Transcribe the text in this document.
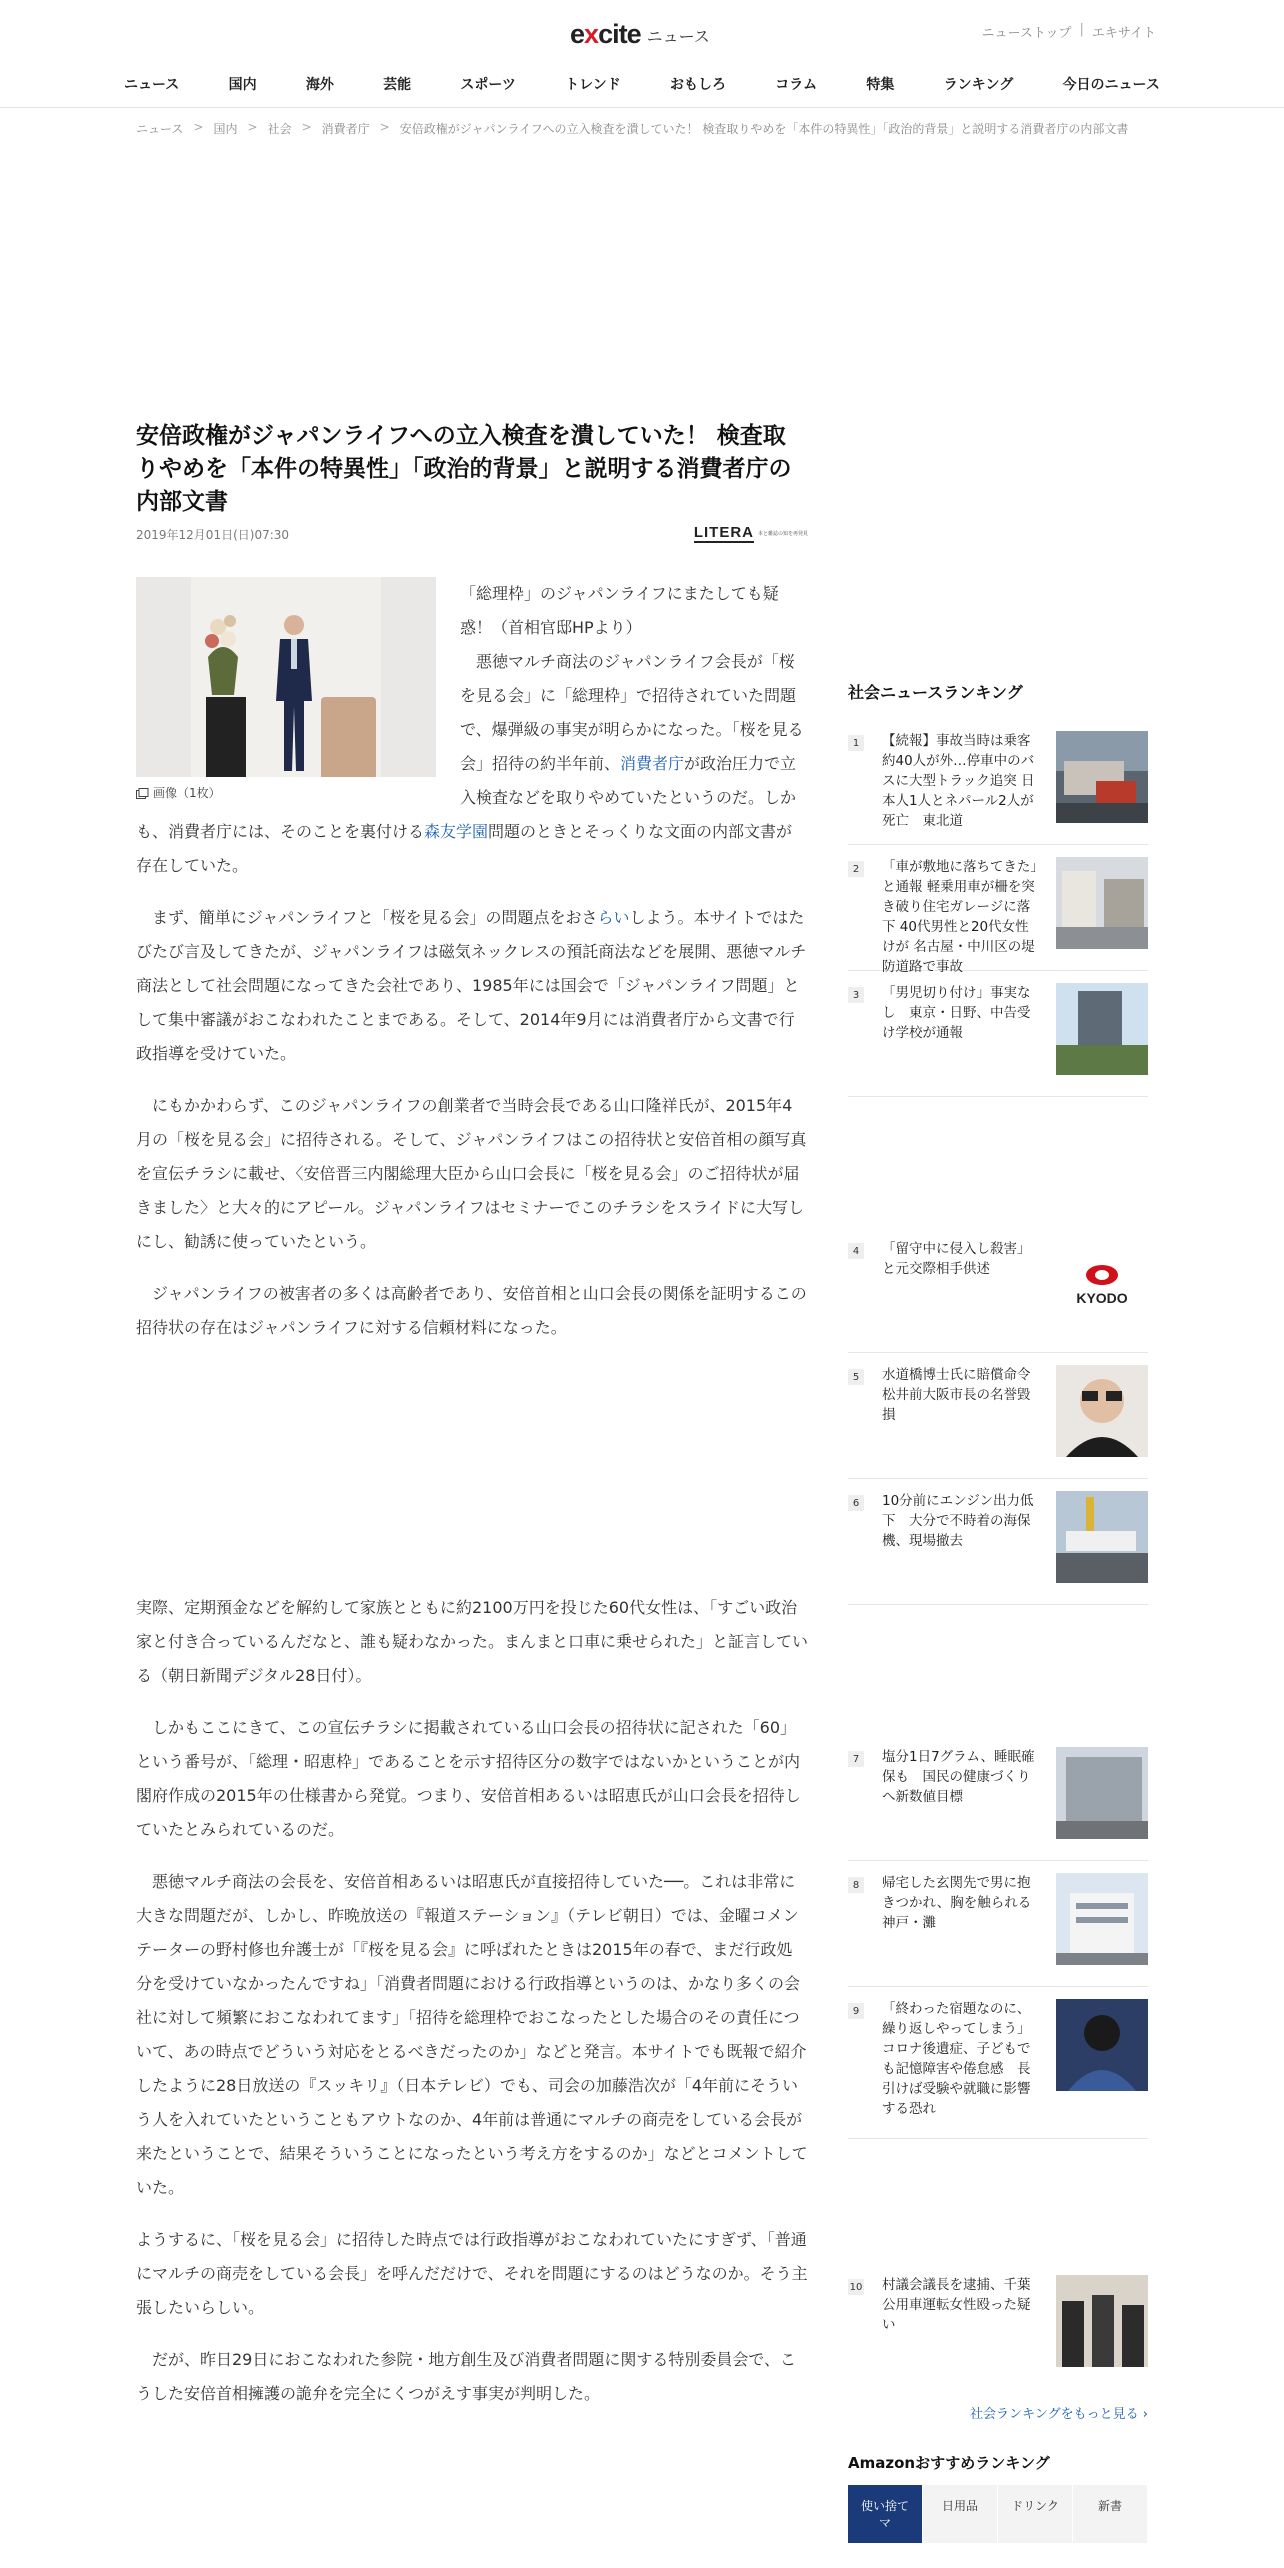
excite ニュース	ニューストップ | エキサイト
ニュース	国内	海外	芸能	スポーツ	トレンド	おもしろ	コラム	特集	ランキング	今日のニュース
ニュース > 国内 > 社会 > 消費者庁 > 安倍政権がジャパンライフへの立入検査を潰していた！ 検査取りやめを「本件の特異性」「政治的背景」と説明する消費者庁の内部文書
安倍政権がジャパンライフへの立入検査を潰していた！ 検査取りやめを「本件の特異性」「政治的背景」と説明する消費者庁の内部文書
2019年12月01日(日)07:30	LITERA 本と雑誌の知を再発見
画像（1枚）

「総理枠」のジャパンライフにまたしても疑惑！（首相官邸HPより）
　悪徳マルチ商法のジャパンライフ会長が「桜を見る会」に「総理枠」で招待されていた問題で、爆弾級の事実が明らかになった。「桜を見る会」招待の約半年前、消費者庁が政治圧力で立入検査などを取りやめていたというのだ。しかも、消費者庁には、そのことを裏付ける森友学園問題のときとそっくりな文面の内部文書が存在していた。

　まず、簡単にジャパンライフと「桜を見る会」の問題点をおさらいしよう。本サイトではたびたび言及してきたが、ジャパンライフは磁気ネックレスの預託商法などを展開、悪徳マルチ商法として社会問題になってきた会社であり、1985年には国会で「ジャパンライフ問題」として集中審議がおこなわれたことまである。そして、2014年9月には消費者庁から文書で行政指導を受けていた。

　にもかかわらず、このジャパンライフの創業者で当時会長である山口隆祥氏が、2015年4月の「桜を見る会」に招待される。そして、ジャパンライフはこの招待状と安倍首相の顔写真を宣伝チラシに載せ、〈安倍晋三内閣総理大臣から山口会長に「桜を見る会」のご招待状が届きました〉と大々的にアピール。ジャパンライフはセミナーでこのチラシをスライドに大写しにし、勧誘に使っていたという。

　ジャパンライフの被害者の多くは高齢者であり、安倍首相と山口会長の関係を証明するこの招待状の存在はジャパンライフに対する信頼材料になった。

実際、定期預金などを解約して家族とともに約2100万円を投じた60代女性は、「すごい政治家と付き合っているんだなと、誰も疑わなかった。まんまと口車に乗せられた」と証言している（朝日新聞デジタル28日付）。

　しかもここにきて、この宣伝チラシに掲載されている山口会長の招待状に記された「60」という番号が、「総理・昭恵枠」であることを示す招待区分の数字ではないかということが内閣府作成の2015年の仕様書から発覚。つまり、安倍首相あるいは昭恵氏が山口会長を招待していたとみられているのだ。

　悪徳マルチ商法の会長を、安倍首相あるいは昭恵氏が直接招待していた──。これは非常に大きな問題だが、しかし、昨晩放送の『報道ステーション』（テレビ朝日）では、金曜コメンテーターの野村修也弁護士が「『桜を見る会』に呼ばれたときは2015年の春で、まだ行政処分を受けていなかったんですね」「消費者問題における行政指導というのは、かなり多くの会社に対して頻繁におこなわれてます」「招待を総理枠でおこなったとした場合のその責任について、あの時点でどういう対応をとるべきだったのか」などと発言。本サイトでも既報で紹介したように28日放送の『スッキリ』（日本テレビ）でも、司会の加藤浩次が「4年前にそういう人を入れていたということもアウトなのか、4年前は普通にマルチの商売をしている会長が来たということで、結果そういうことになったという考え方をするのか」などとコメントしていた。

ようするに、「桜を見る会」に招待した時点では行政指導がおこなわれていたにすぎず、「普通にマルチの商売をしている会長」を呼んだだけで、それを問題にするのはどうなのか。そう主張したいらしい。

　だが、昨日29日におこなわれた参院・地方創生及び消費者問題に関する特別委員会で、こうした安倍首相擁護の詭弁を完全にくつがえす事実が判明した。

社会ニュースランキング
1	【続報】事故当時は乗客約40人が外…停車中のバスに大型トラック追突 日本人1人とネパール2人が死亡　東北道
2	「車が敷地に落ちてきた」と通報 軽乗用車が柵を突き破り住宅ガレージに落下 40代男性と20代女性けが 名古屋・中川区の堤防道路で事故
3	「男児切り付け」事実なし　東京・日野、中告受け学校が通報
4	「留守中に侵入し殺害」と元交際相手供述
KYODO
5	水道橋博士氏に賠償命令 松井前大阪市長の名誉毀損
6	10分前にエンジン出力低下　大分で不時着の海保機、現場撤去
7	塩分1日7グラム、睡眠確保も　国民の健康づくりへ新数値目標
8	帰宅した玄関先で男に抱きつかれ、胸を触られる　神戸・灘
9	「終わった宿題なのに、繰り返しやってしまう」コロナ後遺症、子どもでも記憶障害や倦怠感　長引けば受験や就職に影響する恐れ
10 村議会議長を逮捕、千葉　公用車運転女性殴った疑い
社会ランキングをもっと見る ›
Amazonおすすめランキング
使い捨てマ
日用品	ドリンク	新書
